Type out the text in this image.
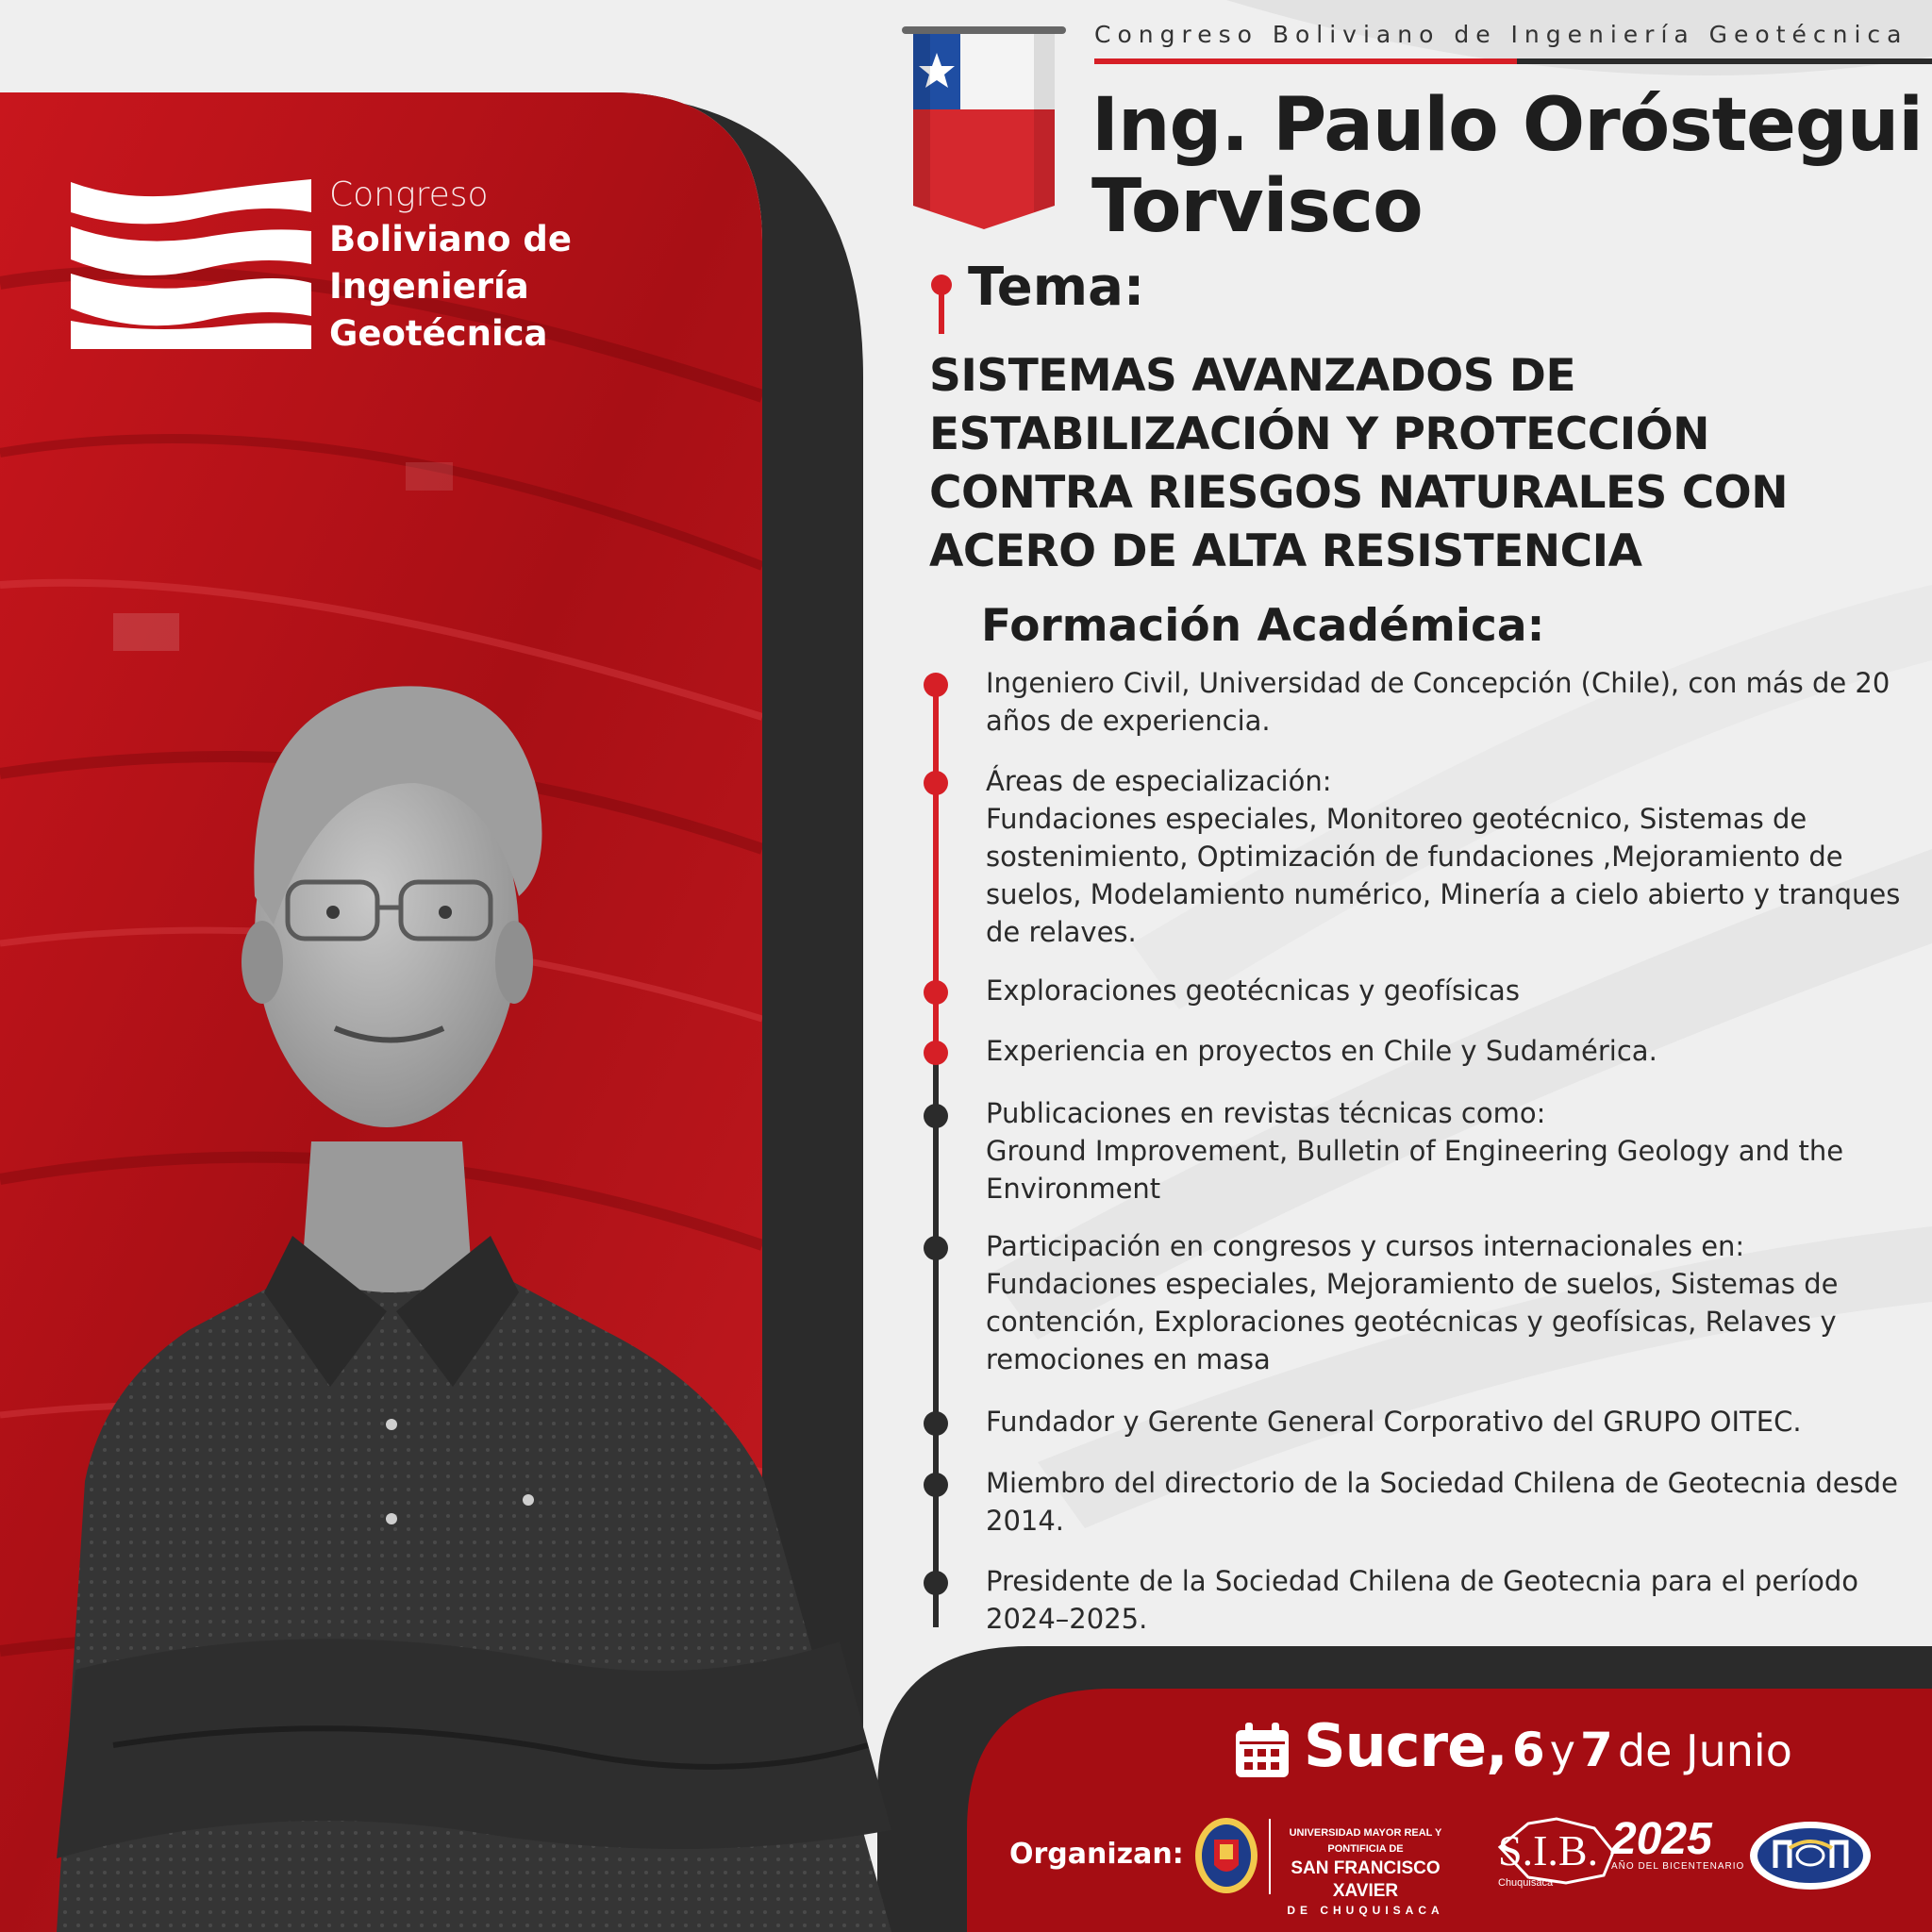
Congreso
Boliviano de
Ingeniería
Geotécnica
Congreso Boliviano de Ingeniería Geotécnica
Ing. Paulo Oróstegui
Torvisco
Tema:
SISTEMAS AVANZADOS DE ESTABILIZACIÓN Y PROTECCIÓN CONTRA RIESGOS NATURALES CON ACERO DE ALTA RESISTENCIA
Formación Académica:

Ingeniero Civil, Universidad de Concepción (Chile), con más de 20 años de experiencia.

Áreas de especialización:

Fundaciones especiales, Monitoreo geotécnico, Sistemas de sostenimiento, Optimización de fundaciones ,Mejoramiento de suelos, Modelamiento numérico, Minería a cielo abierto y tranques de relaves.

Exploraciones geotécnicas y geofísicas

Experiencia en proyectos en Chile y Sudamérica.

Publicaciones en revistas técnicas como:

Ground Improvement, Bulletin of Engineering Geology and the Environment

Participación en congresos y cursos internacionales en:

Fundaciones especiales, Mejoramiento de suelos, Sistemas de contención, Exploraciones geotécnicas y geofísicas, Relaves y remociones en masa

Fundador y Gerente General Corporativo del GRUPO OITEC.

Miembro del directorio de la Sociedad Chilena de Geotecnia desde 2014.

Presidente de la Sociedad Chilena de Geotecnia para el período 2024–2025.

Sucre, 6 y 7 de Junio
Organizan:
UNIVERSIDAD MAYOR REAL Y PONTIFICIA DE
SAN FRANCISCO XAVIER
DE CHUQUISACA
S.I.B.
Chuquisaca
2025
AÑO DEL BICENTENARIO
